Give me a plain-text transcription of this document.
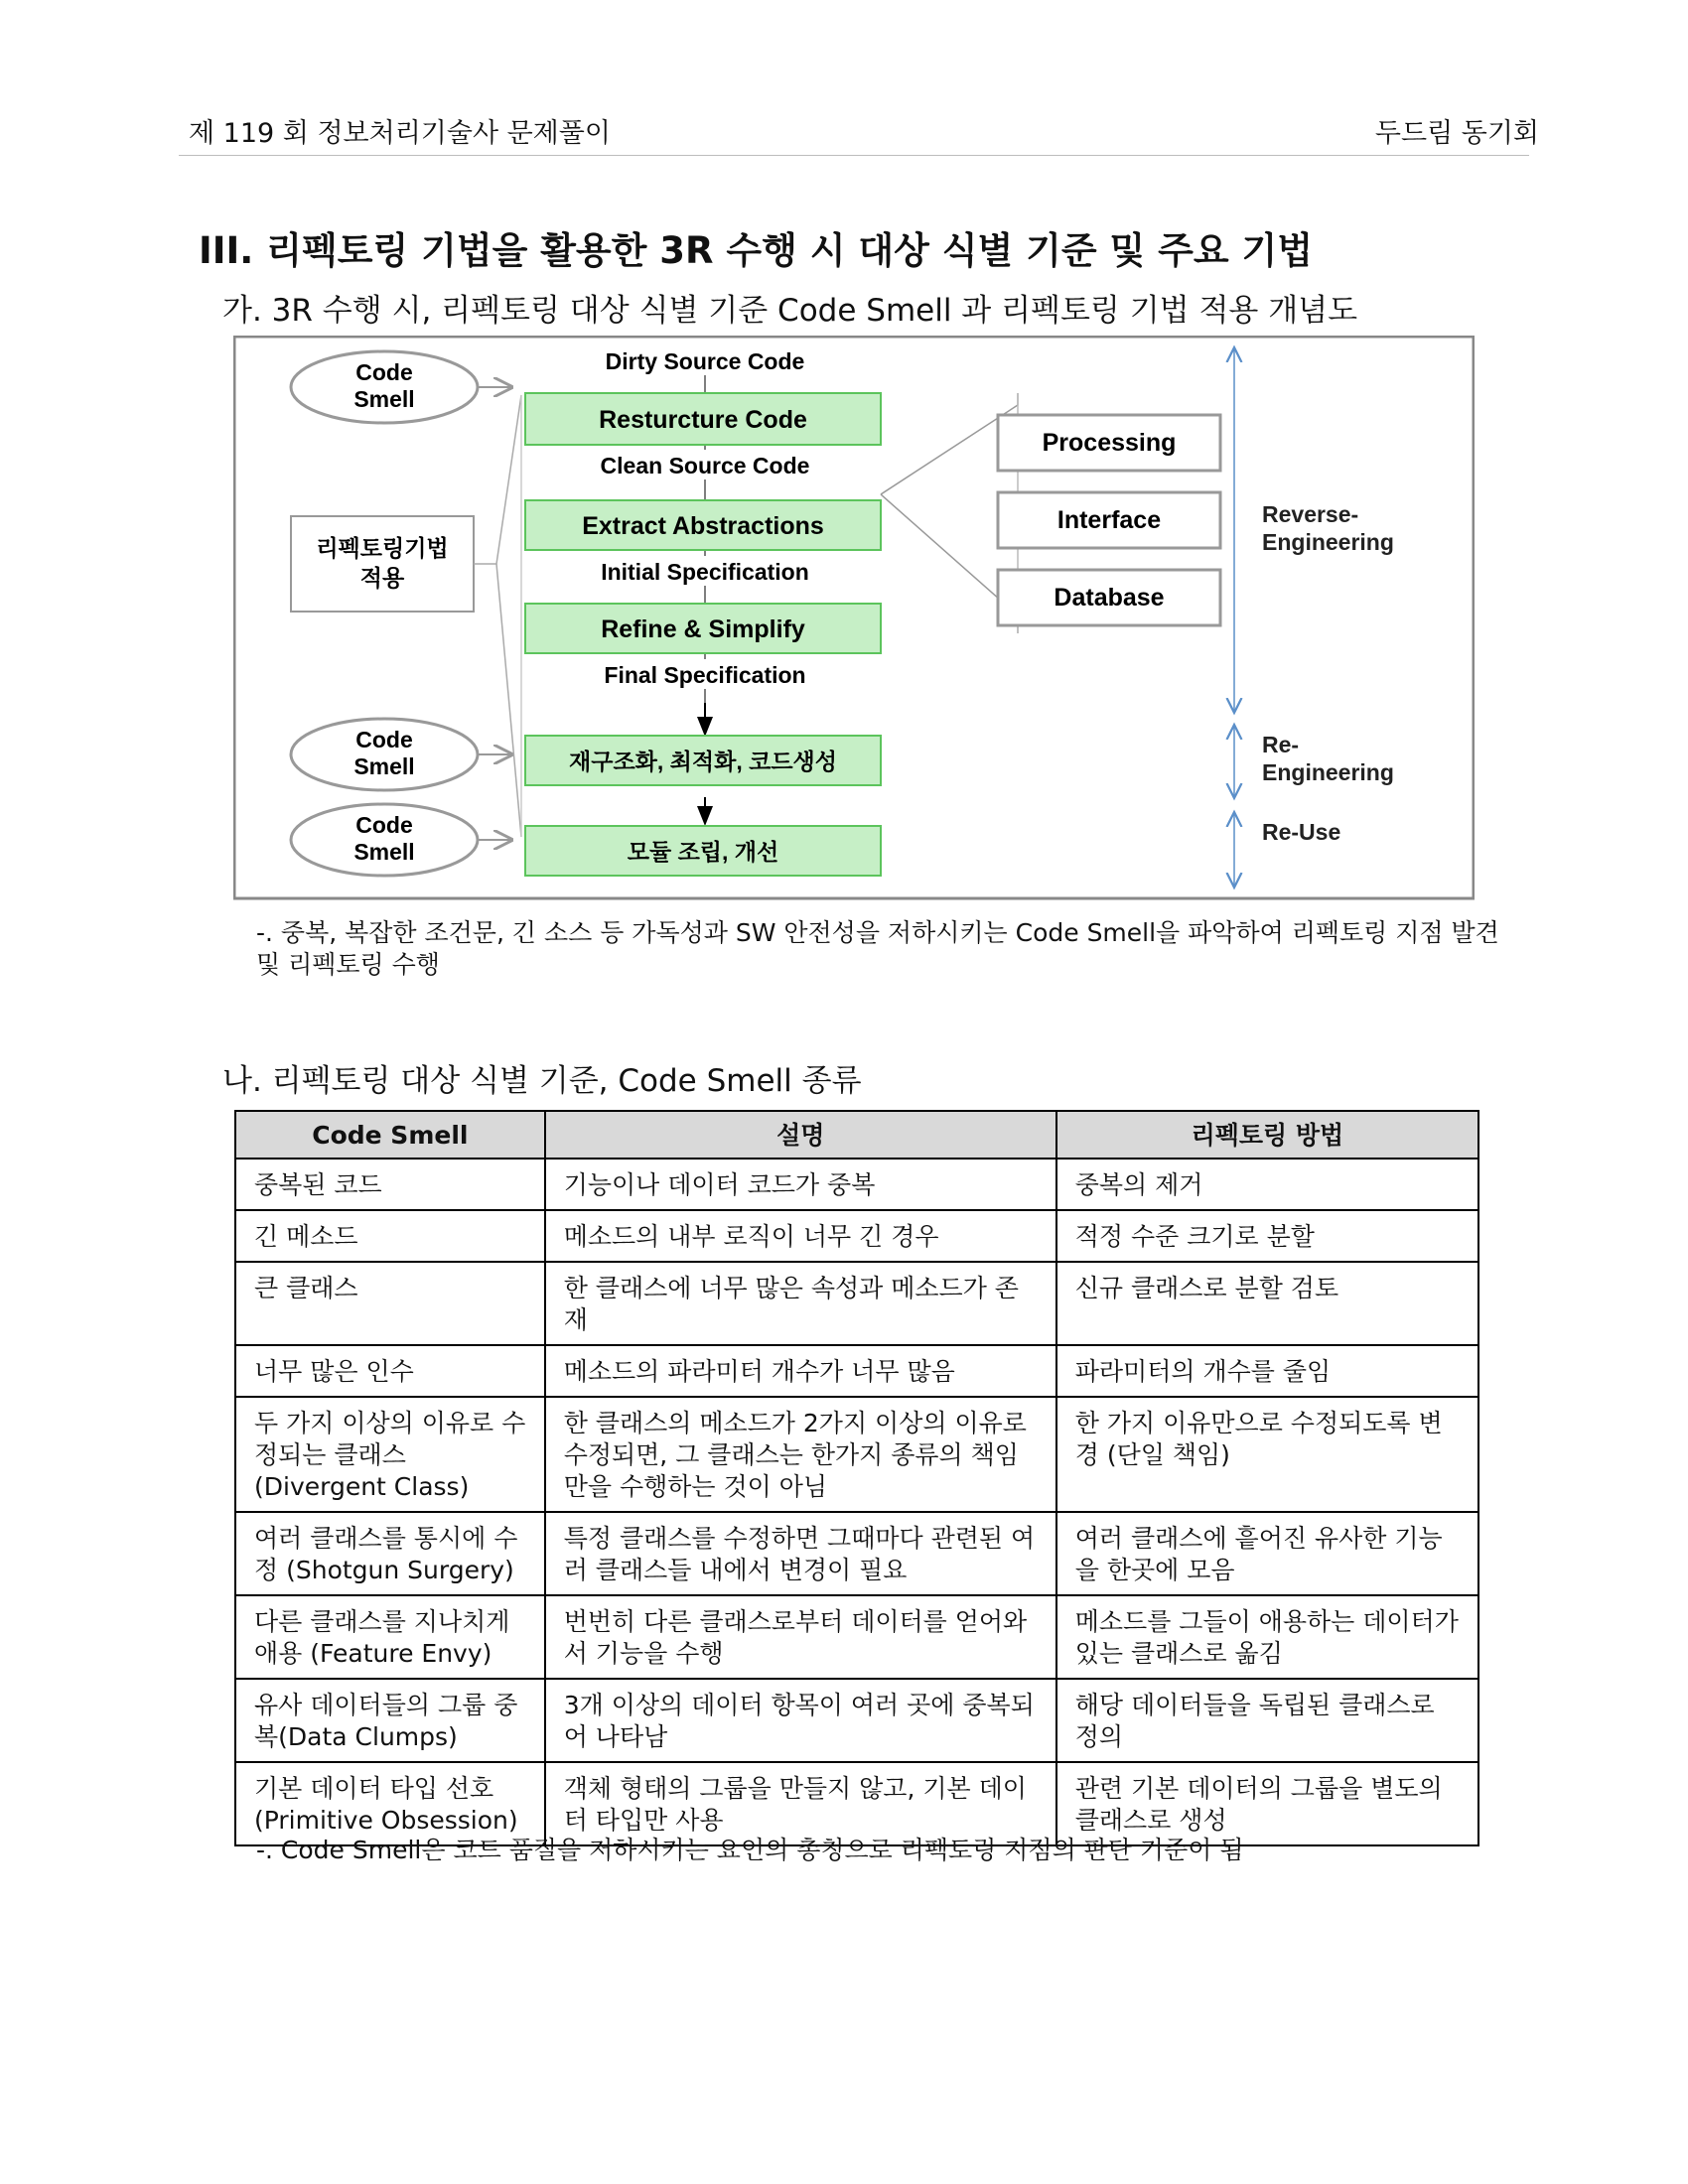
제 119 회 정보처리기술사 문제풀이	두드림 동기회
III. 리펙토링 기법을 활용한 3R 수행 시 대상 식별 기준 및 주요 기법
가. 3R 수행 시, 리펙토링 대상 식별 기준 Code Smell 과 리펙토링 기법 적용 개념도
Code
Smell
Code
Smell
Code
Smell
리펙토링기법
적용
Dirty Source Code
Resturcture Code
Clean Source Code
Extract Abstractions
Initial Specification
Refine & Simplify
Final Specification
재구조화, 최적화, 코드생성
모듈 조립, 개선
Processing
Interface
Database
Reverse-
Engineering
Re-
Engineering
Re-Use
-. 중복, 복잡한 조건문, 긴 소스 등 가독성과 SW 안전성을 저하시키는 Code Smell을 파악하여 리펙토링 지점 발견 및 리펙토링 수행
나. 리펙토링 대상 식별 기준, Code Smell 종류
Code Smell	설명	리펙토링 방법
중복된 코드	기능이나 데이터 코드가 중복	중복의 제거
긴 메소드	메소드의 내부 로직이 너무 긴 경우	적정 수준 크기로 분할
큰 클래스	한 클래스에 너무 많은 속성과 메소드가 존재	신규 클래스로 분할 검토
너무 많은 인수	메소드의 파라미터 개수가 너무 많음	파라미터의 개수를 줄임
두 가지 이상의 이유로 수정되는 클래스 (Divergent Class)	한 클래스의 메소드가 2가지 이상의 이유로 수정되면, 그 클래스는 한가지 종류의 책임만을 수행하는 것이 아님	한 가지 이유만으로 수정되도록 변경 (단일 책임)
여러 클래스를 통시에 수정 (Shotgun Surgery)	특정 클래스를 수정하면 그때마다 관련된 여러 클래스들 내에서 변경이 필요	여러 클래스에 흩어진 유사한 기능을 한곳에 모음
다른 클래스를 지나치게 애용 (Feature Envy)	번번히 다른 클래스로부터 데이터를 얻어와서 기능을 수행	메소드를 그들이 애용하는 데이터가 있는 클래스로 옮김
유사 데이터들의 그룹 중복(Data Clumps)	3개 이상의 데이터 항목이 여러 곳에 중복되어 나타남	해당 데이터들을 독립된 클래스로 정의
기본 데이터 타입 선호 (Primitive Obsession)	객체 형태의 그룹을 만들지 않고, 기본 데이터 타입만 사용	관련 기본 데이터의 그룹을 별도의 클래스로 생성
-. Code Smell은 코드 품질을 저하시키는 요인의 총칭으로 리펙토링 지점의 판단 기준이 됨
